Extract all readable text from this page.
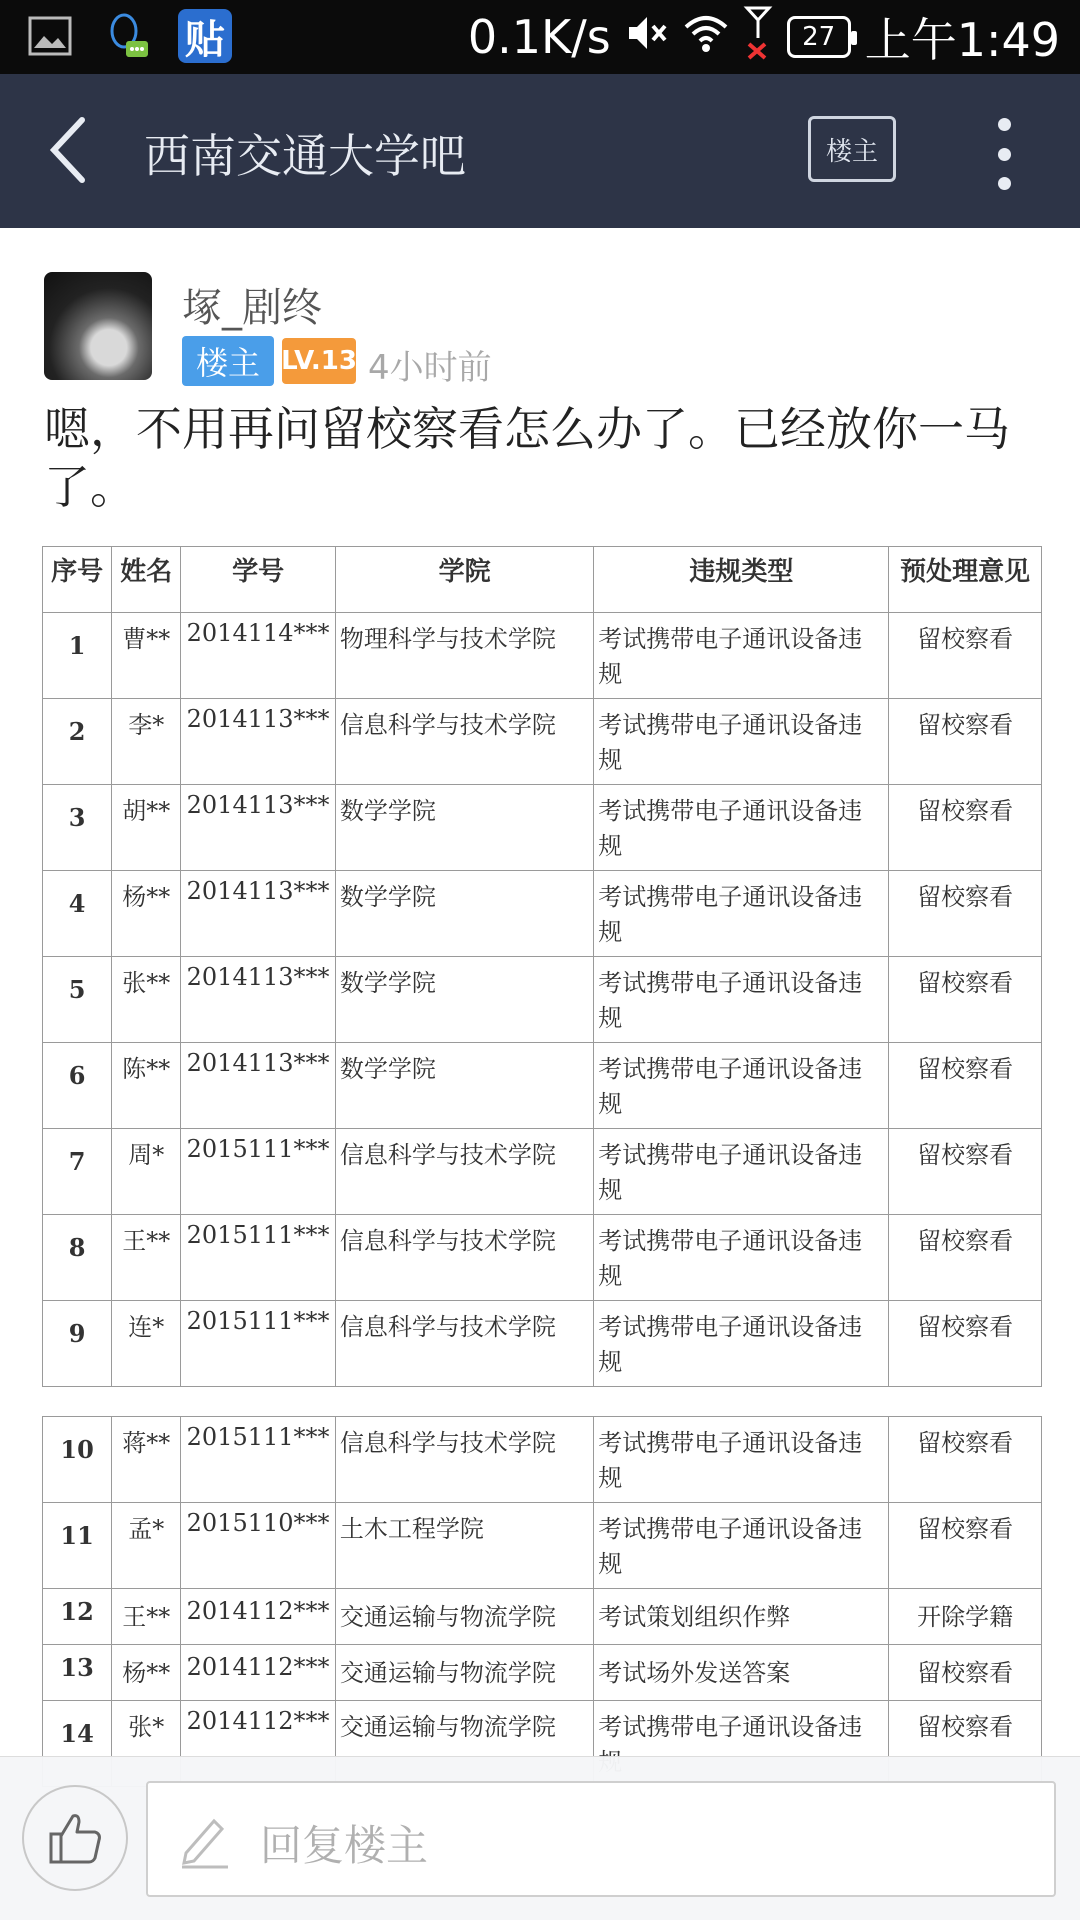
贴	0.1K/s	27 上午1:49
西南交通大学吧	楼主
塚_剧终
楼主 LV.13 4小时前
嗯，不用再问留校察看怎么办了。已经放你一马了。
序号	姓名	学号	学院	违规类型	预处理意见
1	曹**	2014114***	物理科学与技术学院	考试携带电子通讯设备违规	留校察看
2	李*	2014113***	信息科学与技术学院	考试携带电子通讯设备违规	留校察看
3	胡**	2014113***	数学学院	考试携带电子通讯设备违规	留校察看
4	杨**	2014113***	数学学院	考试携带电子通讯设备违规	留校察看
5	张**	2014113***	数学学院	考试携带电子通讯设备违规	留校察看
6	陈**	2014113***	数学学院	考试携带电子通讯设备违规	留校察看
7	周*	2015111***	信息科学与技术学院	考试携带电子通讯设备违规	留校察看
8	王**	2015111***	信息科学与技术学院	考试携带电子通讯设备违规	留校察看
9	连*	2015111***	信息科学与技术学院	考试携带电子通讯设备违规	留校察看

10	蒋**	2015111***	信息科学与技术学院	考试携带电子通讯设备违规	留校察看
11	孟*	2015110***	土木工程学院	考试携带电子通讯设备违规	留校察看
12	王**	2014112***	交通运输与物流学院	考试策划组织作弊	开除学籍
13	杨**	2014112***	交通运输与物流学院	考试场外发送答案	留校察看
14	张*	2014112***	交通运输与物流学院	考试携带电子通讯设备违	留校察看
回复楼主
